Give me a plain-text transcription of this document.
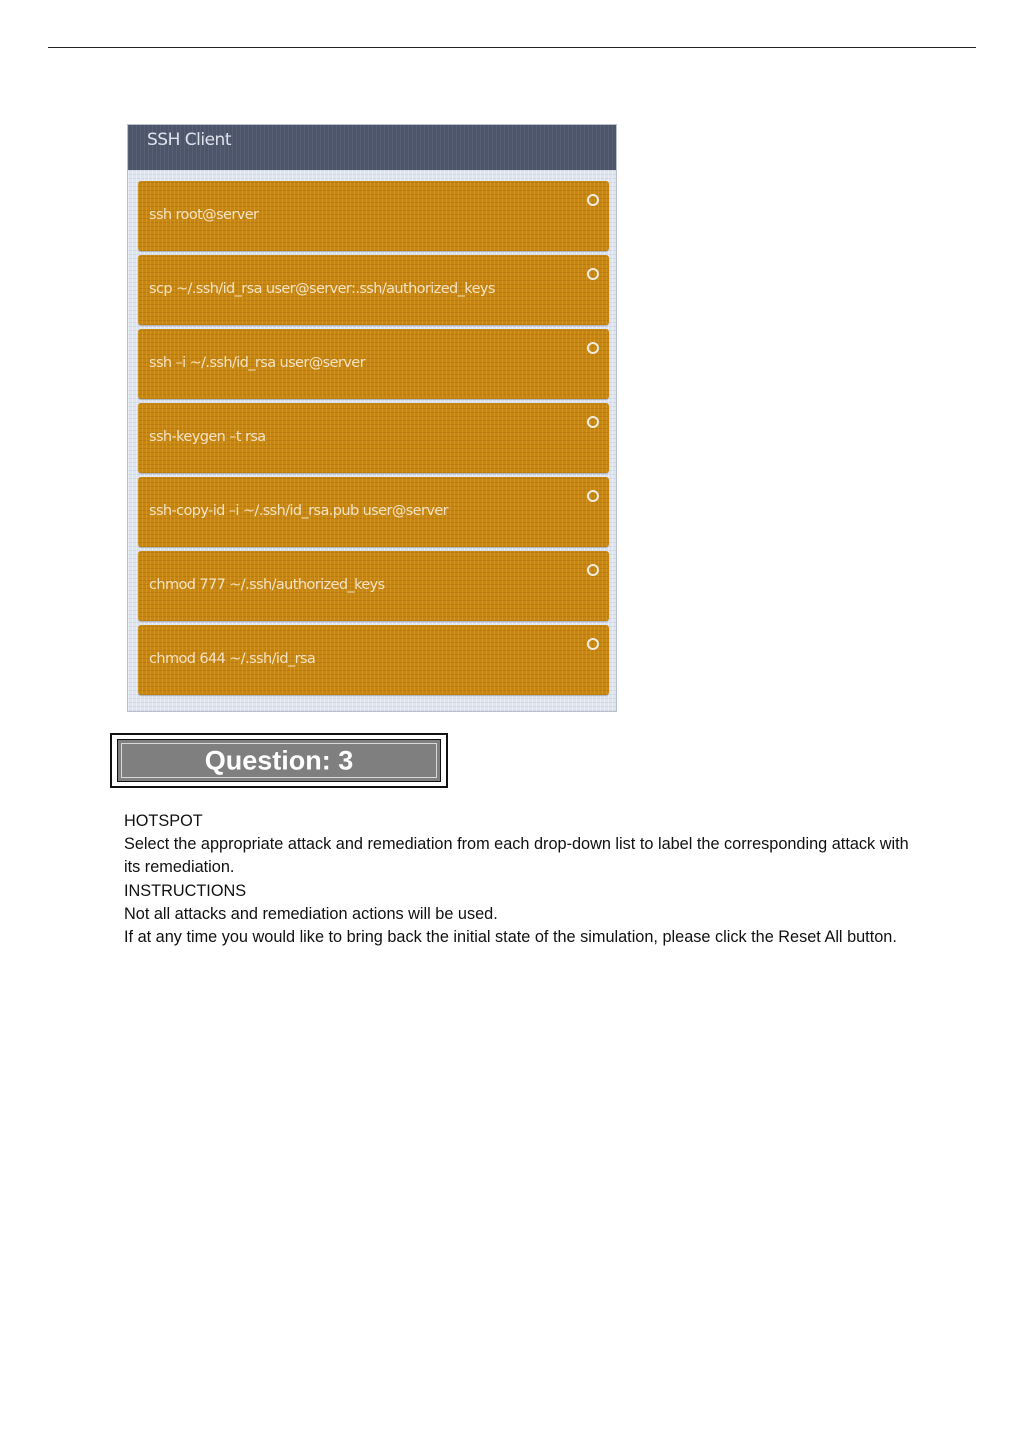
SSH Client
ssh root@server
scp ~/.ssh/id_rsa user@server:.ssh/authorized_keys
ssh –i ~/.ssh/id_rsa user@server
ssh-keygen –t rsa
ssh-copy-id –i ~/.ssh/id_rsa.pub user@server
chmod 777 ~/.ssh/authorized_keys
chmod 644 ~/.ssh/id_rsa
Question: 3

HOTSPOT

Select the appropriate attack and remediation from each drop-down list to label the corresponding attack with its remediation.

INSTRUCTIONS

Not all attacks and remediation actions will be used.

If at any time you would like to bring back the initial state of the simulation, please click the Reset All button.
